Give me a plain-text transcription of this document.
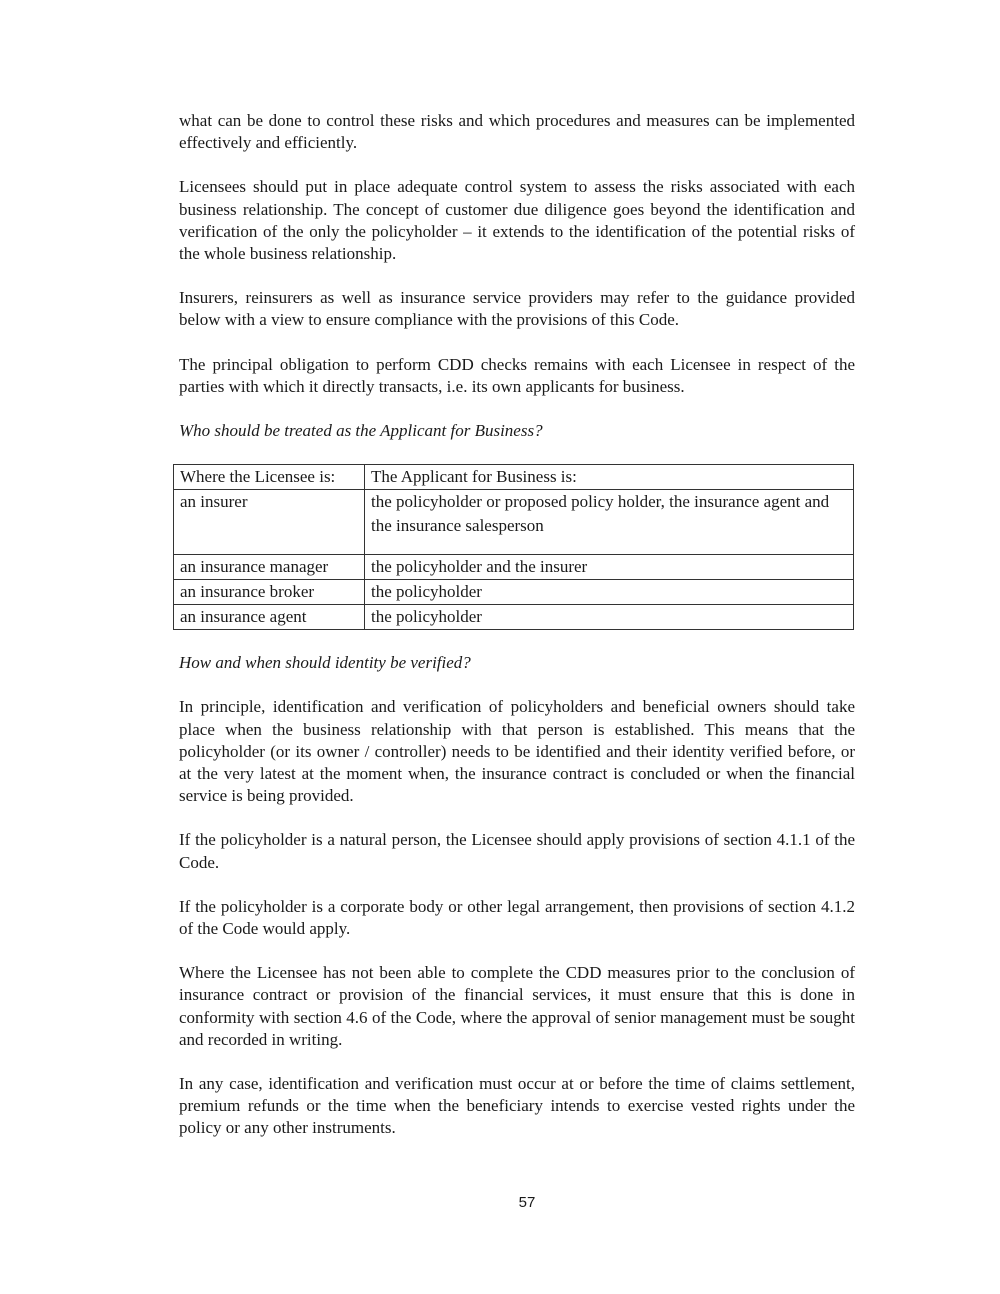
what can be done to control these risks and which procedures and measures can be implemented effectively and efficiently.

Licensees should put in place adequate control system to assess the risks associated with each business relationship. The concept of customer due diligence goes beyond the identification and verification of the only the policyholder – it extends to the identification of the potential risks of the whole business relationship.

Insurers, reinsurers as well as insurance service providers may refer to the guidance provided below with a view to ensure compliance with the provisions of this Code.

The principal obligation to perform CDD checks remains with each Licensee in respect of the parties with which it directly transacts, i.e. its own applicants for business.

Who should be treated as the Applicant for Business?

Where the Licensee is:	The Applicant for Business is:
an insurer	the policyholder or proposed policy holder, the insurance agent and the insurance salesperson
an insurance manager	the policyholder and the insurer
an insurance broker	the policyholder
an insurance agent	the policyholder

How and when should identity be verified?

In principle, identification and verification of policyholders and beneficial owners should take place when the business relationship with that person is established. This means that the policyholder (or its owner / controller) needs to be identified and their identity verified before, or at the very latest at the moment when, the insurance contract is concluded or when the financial service is being provided.

If the policyholder is a natural person, the Licensee should apply provisions of section 4.1.1 of the Code.

If the policyholder is a corporate body or other legal arrangement, then provisions of section 4.1.2 of the Code would apply.

Where the Licensee has not been able to complete the CDD measures prior to the conclusion of insurance contract or provision of the financial services, it must ensure that this is done in conformity with section 4.6 of the Code, where the approval of senior management must be sought and recorded in writing.

In any case, identification and verification must occur at or before the time of claims settlement, premium refunds or the time when the beneficiary intends to exercise vested rights under the policy or any other instruments.

57
